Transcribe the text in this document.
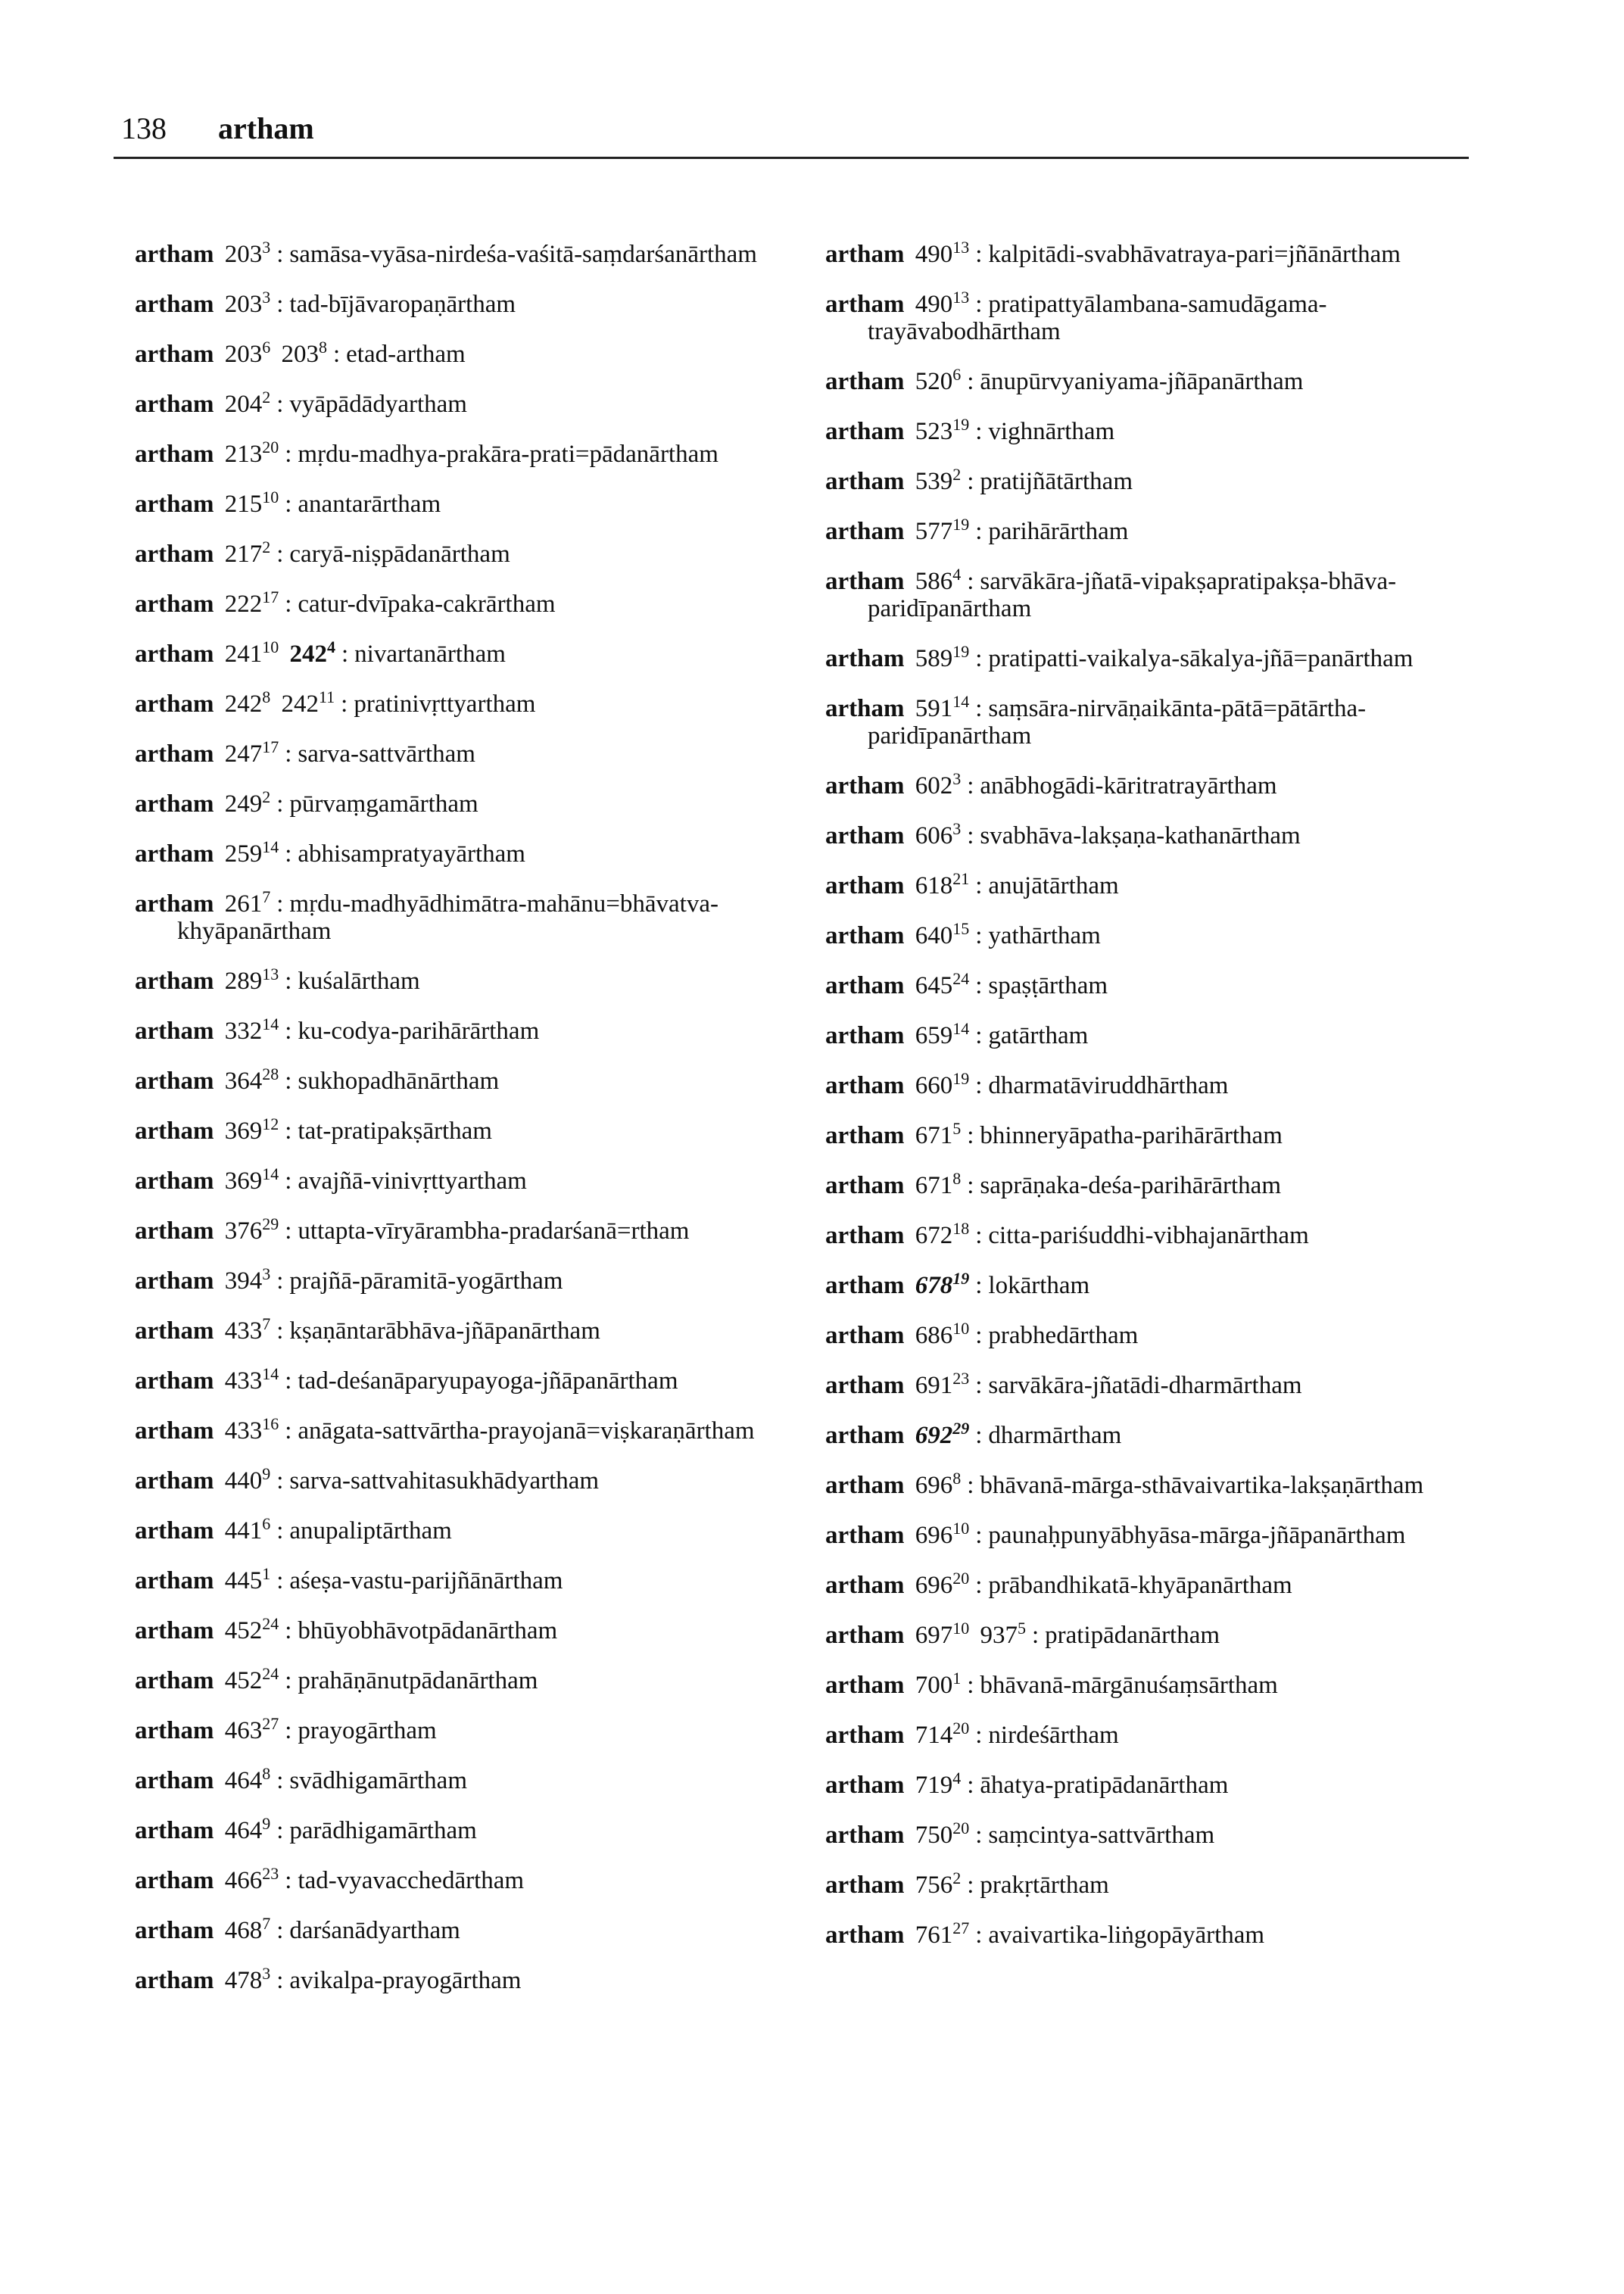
138 artham
artham $203^3$ : samāsa-vyāsa-nirdeśa-vaśitā-saṃdarśanārtham
artham $203^3$ : tad-bījāvaropaṇārtham
artham $203^6$ $203^8$ : etad-artham
artham $204^2$ : vyāpādādyartham
artham $213^{20}$ : mṛdu-madhya-prakāra-prati=pādanārtham
artham $215^{10}$ : anantarārtham
artham $217^2$ : caryā-niṣpādanārtham
artham $222^{17}$ : catur-dvīpaka-cakrārtham
artham $241^{10}$ $242^4$ : nivartanārtham
artham $242^8$ $242^{11}$ : pratinivṛttyartham
artham $247^{17}$ : sarva-sattvārtham
artham $249^2$ : pūrvaṃgamārtham
artham $259^{14}$ : abhisampratyayārtham
artham $261^7$ : mṛdu-madhyādhimātra-mahānu=bhāvatva-khyāpanārtham
artham $289^{13}$ : kuśalārtham
artham $332^{14}$ : ku-codya-parihārārtham
artham $364^{28}$ : sukhopadhānārtham
artham $369^{12}$ : tat-pratipakṣārtham
artham $369^{14}$ : avajñā-vinivṛttyartham
artham $376^{29}$ : uttapta-vīryārambha-pradarśanā=rtham
artham $394^3$ : prajñā-pāramitā-yogārtham
artham $433^7$ : kṣaṇāntarābhāva-jñāpanārtham
artham $433^{14}$ : tad-deśanāparyupayoga-jñāpanārtham
artham $433^{16}$ : anāgata-sattvārtha-prayojanā=viṣkaraṇārtham
artham $440^9$ : sarva-sattvahitasukhādyartham
artham $441^6$ : anupaliptārtham
artham $445^1$ : aśeṣa-vastu-parijñānārtham
artham $452^{24}$ : bhūyobhāvotpādanārtham
artham $452^{24}$ : prahāṇānutpādanārtham
artham $463^{27}$ : prayogārtham
artham $464^8$ : svādhigamārtham
artham $464^9$ : parādhigamārtham
artham $466^{23}$ : tad-vyavacchedārtham
artham $468^7$ : darśanādyartham
artham $478^3$ : avikalpa-prayogārtham
artham $490^{13}$ : kalpitādi-svabhāvatraya-pari=jñānārtham
artham $490^{13}$ : pratipattyālambana-samudāgama-trayāvabodhārtham
artham $520^6$ : ānupūrvyaniyama-jñāpanārtham
artham $523^{19}$ : vighnārtham
artham $539^2$ : pratijñātārtham
artham $577^{19}$ : parihārārtham
artham $586^4$ : sarvākāra-jñatā-vipakṣapratipakṣa-bhāva-paridīpanārtham
artham $589^{19}$ : pratipatti-vaikalya-sākalya-jñā=panārtham
artham $591^{14}$ : saṃsāra-nirvāṇaikānta-pātā=pātārtha-paridīpanārtham
artham $602^3$ : anābhogādi-kāritratrayārtham
artham $606^3$ : svabhāva-lakṣaṇa-kathanārtham
artham $618^{21}$ : anujātārtham
artham $640^{15}$ : yathārtham
artham $645^{24}$ : spaṣṭārtham
artham $659^{14}$ : gatārtham
artham $660^{19}$ : dharmatāviruddhārtham
artham $671^5$ : bhinneryāpatha-parihārārtham
artham $671^8$ : saprāṇaka-deśa-parihārārtham
artham $672^{18}$ : citta-pariśuddhi-vibhajanārtham
artham $678^{19}$ : lokārtham
artham $686^{10}$ : prabhedārtham
artham $691^{23}$ : sarvākāra-jñatādi-dharmārtham
artham $692^{29}$ : dharmārtham
artham $696^8$ : bhāvanā-mārga-sthāvaivartika-lakṣaṇārtham
artham $696^{10}$ : paunaḥpunyābhyāsa-mārga-jñāpanārtham
artham $696^{20}$ : prābandhikatā-khyāpanārtham
artham $697^{10}$ $937^5$ : pratipādanārtham
artham $700^1$ : bhāvanā-mārgānuśaṃsārtham
artham $714^{20}$ : nirdeśārtham
artham $719^4$ : āhatya-pratipādanārtham
artham $750^{20}$ : saṃcintya-sattvārtham
artham $756^2$ : prakṛtārtham
artham $761^{27}$ : avaivartika-liṅgopāyārtham
